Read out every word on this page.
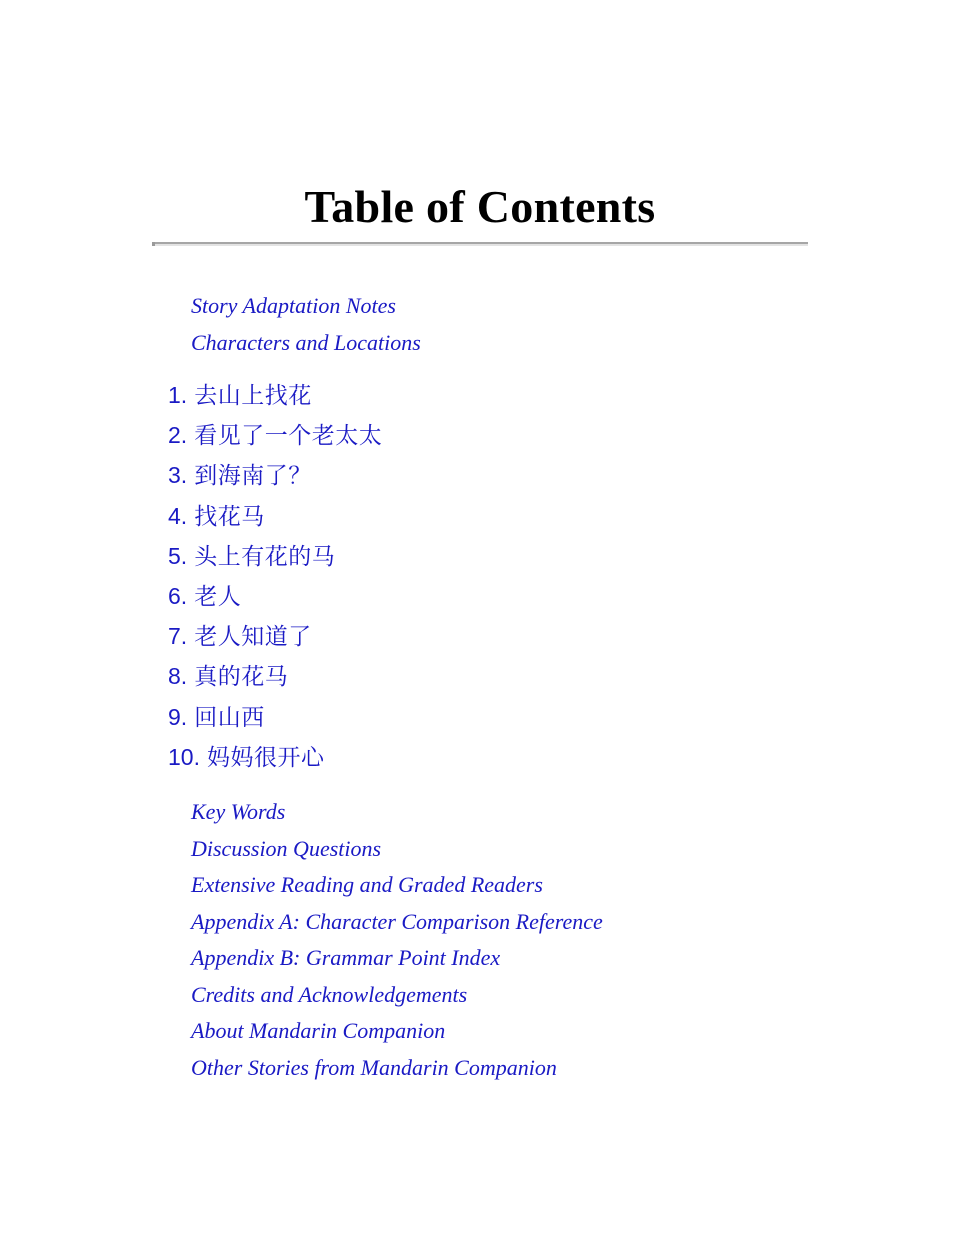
Table of Contents
Story Adaptation Notes
Characters and Locations
1. 去山上找花
2. 看见了一个老太太
3. 到海南了？
4. 找花马
5. 头上有花的马
6. 老人
7. 老人知道了
8. 真的花马
9. 回山西
10. 妈妈很开心
Key Words
Discussion Questions
Extensive Reading and Graded Readers
Appendix A: Character Comparison Reference
Appendix B: Grammar Point Index
Credits and Acknowledgements
About Mandarin Companion
Other Stories from Mandarin Companion
